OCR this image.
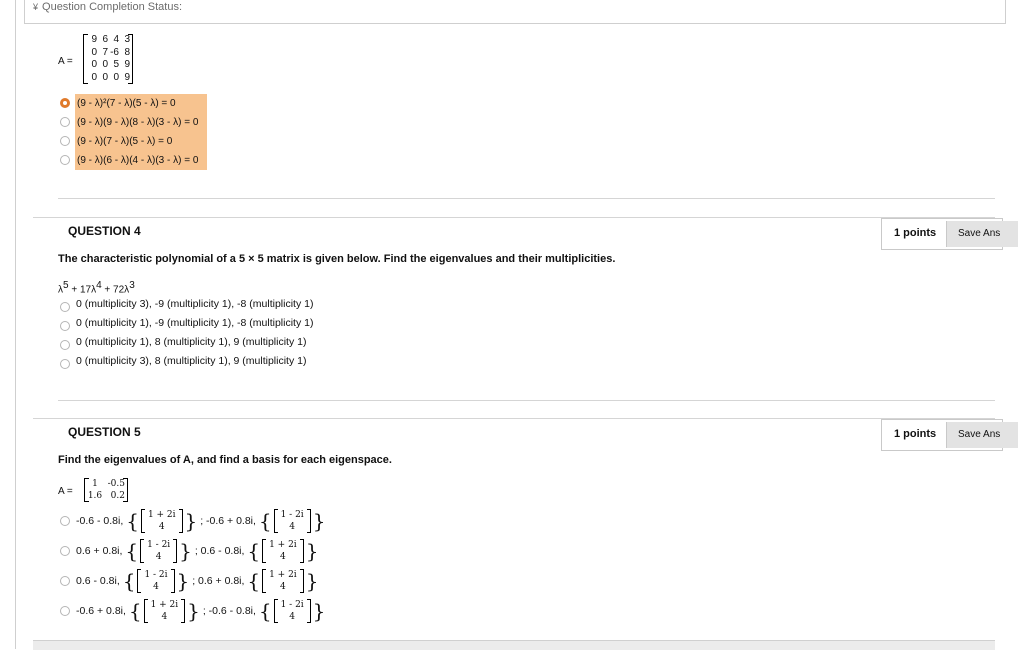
¥ Question Completion Status:
A =
9 6 4 3
0 7 -6 8
0 0 5 9
0 0 0 9
(9 - λ)²(7 - λ)(5 - λ) = 0
(9 - λ)(9 - λ)(8 - λ)(3 - λ) = 0
(9 - λ)(7 - λ)(5 - λ) = 0
(9 - λ)(6 - λ)(4 - λ)(3 - λ) = 0
QUESTION 4	1 points	Save Ans
The characteristic polynomial of a 5 × 5 matrix is given below. Find the eigenvalues and their multiplicities.
$\lambda^5 + 17\lambda^4 + 72\lambda^3$
0 (multiplicity 3), -9 (multiplicity 1), -8 (multiplicity 1)
0 (multiplicity 1), -9 (multiplicity 1), -8 (multiplicity 1)
0 (multiplicity 1), 8 (multiplicity 1), 9 (multiplicity 1)
0 (multiplicity 3), 8 (multiplicity 1), 9 (multiplicity 1)
QUESTION 5	1 points	Save Ans
Find the eigenvalues of A, and find a basis for each eigenspace.
A =
1	-0.5
1.6 0.2
-0.6 - 0.8i, { 1 + 2i
4 } ; -0.6 + 0.8i, { 1 - 2i
4 }
0.6 + 0.8i, { 1 - 2i
4 } ; 0.6 - 0.8i, { 1 + 2i
4 }
0.6 - 0.8i, { 1 - 2i
4 } ; 0.6 + 0.8i, { 1 + 2i
4 }
-0.6 + 0.8i, { 1 + 2i
4 } ; -0.6 - 0.8i, { 1 - 2i
4 }
